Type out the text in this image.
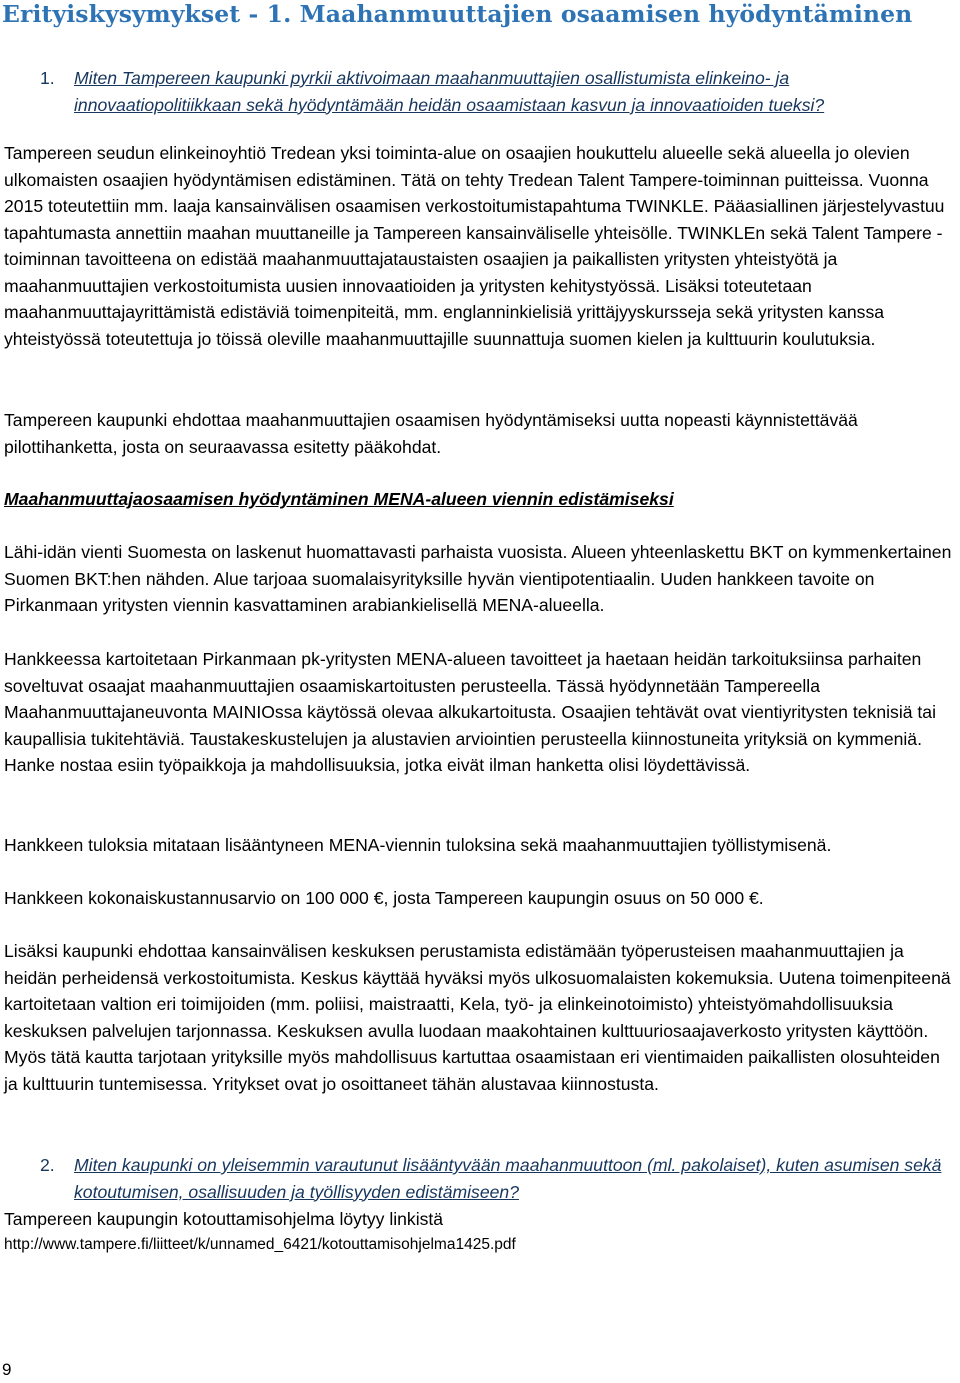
Erityiskysymykset - 1. Maahanmuuttajien osaamisen hyödyntäminen
1. Miten Tampereen kaupunki pyrkii aktivoimaan maahanmuuttajien osallistumista elinkeino- ja innovaatiopolitiikkaan sekä hyödyntämään heidän osaamistaan kasvun ja innovaatioiden tueksi?

Tampereen seudun elinkeinoyhtiö Tredean yksi toiminta-alue on osaajien houkuttelu alueelle sekä alueella jo olevien ulkomaisten osaajien hyödyntämisen edistäminen. Tätä on tehty Tredean Talent Tampere-toiminnan puitteissa. Vuonna 2015 toteutettiin mm. laaja kansainvälisen osaamisen verkostoitumistapahtuma TWINKLE. Pääasiallinen järjestelyvastuu tapahtumasta annettiin maahan muuttaneille ja Tampereen kansainväliselle yhteisölle. TWINKLEn sekä Talent Tampere - toiminnan tavoitteena on edistää maahanmuuttajataustaisten osaajien ja paikallisten yritysten yhteistyötä ja maahanmuuttajien verkostoitumista uusien innovaatioiden ja yritysten kehitystyössä. Lisäksi toteutetaan maahanmuuttajayrittämistä edistäviä toimenpiteitä, mm. englanninkielisiä yrittäjyyskursseja sekä yritysten kanssa yhteistyössä toteutettuja jo töissä oleville maahanmuuttajille suunnattuja suomen kielen ja kulttuurin koulutuksia.

Tampereen kaupunki ehdottaa maahanmuuttajien osaamisen hyödyntämiseksi uutta nopeasti käynnistettävää pilottihanketta, josta on seuraavassa esitetty pääkohdat.

Maahanmuuttajaosaamisen hyödyntäminen MENA-alueen viennin edistämiseksi

Lähi-idän vienti Suomesta on laskenut huomattavasti parhaista vuosista. Alueen yhteenlaskettu BKT on kymmenkertainen Suomen BKT:hen nähden. Alue tarjoaa suomalaisyrityksille hyvän vientipotentiaalin. Uuden hankkeen tavoite on Pirkanmaan yritysten viennin kasvattaminen arabiankielisellä MENA-alueella.

Hankkeessa kartoitetaan Pirkanmaan pk-yritysten MENA-alueen tavoitteet ja haetaan heidän tarkoituksiinsa parhaiten soveltuvat osaajat maahanmuuttajien osaamiskartoitusten perusteella. Tässä hyödynnetään Tampereella Maahanmuuttajaneuvonta MAINIOssa käytössä olevaa alkukartoitusta. Osaajien tehtävät ovat vientiyritysten teknisiä tai kaupallisia tukitehtäviä. Taustakeskustelujen ja alustavien arviointien perusteella kiinnostuneita yrityksiä on kymmeniä. Hanke nostaa esiin työpaikkoja ja mahdollisuuksia, jotka eivät ilman hanketta olisi löydettävissä.

Hankkeen tuloksia mitataan lisääntyneen MENA-viennin tuloksina sekä maahanmuuttajien työllistymisenä.

Hankkeen kokonaiskustannusarvio on 100 000 €, josta Tampereen kaupungin osuus on 50 000 €.

Lisäksi kaupunki ehdottaa kansainvälisen keskuksen perustamista edistämään työperusteisen maahanmuuttajien ja heidän perheidensä verkostoitumista. Keskus käyttää hyväksi myös ulkosuomalaisten kokemuksia. Uutena toimenpiteenä kartoitetaan valtion eri toimijoiden (mm. poliisi, maistraatti, Kela, työ- ja elinkeinotoimisto) yhteistyömahdollisuuksia keskuksen palvelujen tarjonnassa. Keskuksen avulla luodaan maakohtainen kulttuuriosaajaverkosto yritysten käyttöön. Myös tätä kautta tarjotaan yrityksille myös mahdollisuus kartuttaa osaamistaan eri vientimaiden paikallisten olosuhteiden ja kulttuurin tuntemisessa. Yritykset ovat jo osoittaneet tähän alustavaa kiinnostusta.

2. Miten kaupunki on yleisemmin varautunut lisääntyvään maahanmuuttoon (ml. pakolaiset), kuten asumisen sekä kotoutumisen, osallisuuden ja työllisyyden edistämiseen?

Tampereen kaupungin kotouttamisohjelma löytyy linkistä

http://www.tampere.fi/liitteet/k/unnamed_6421/kotouttamisohjelma1425.pdf

9
